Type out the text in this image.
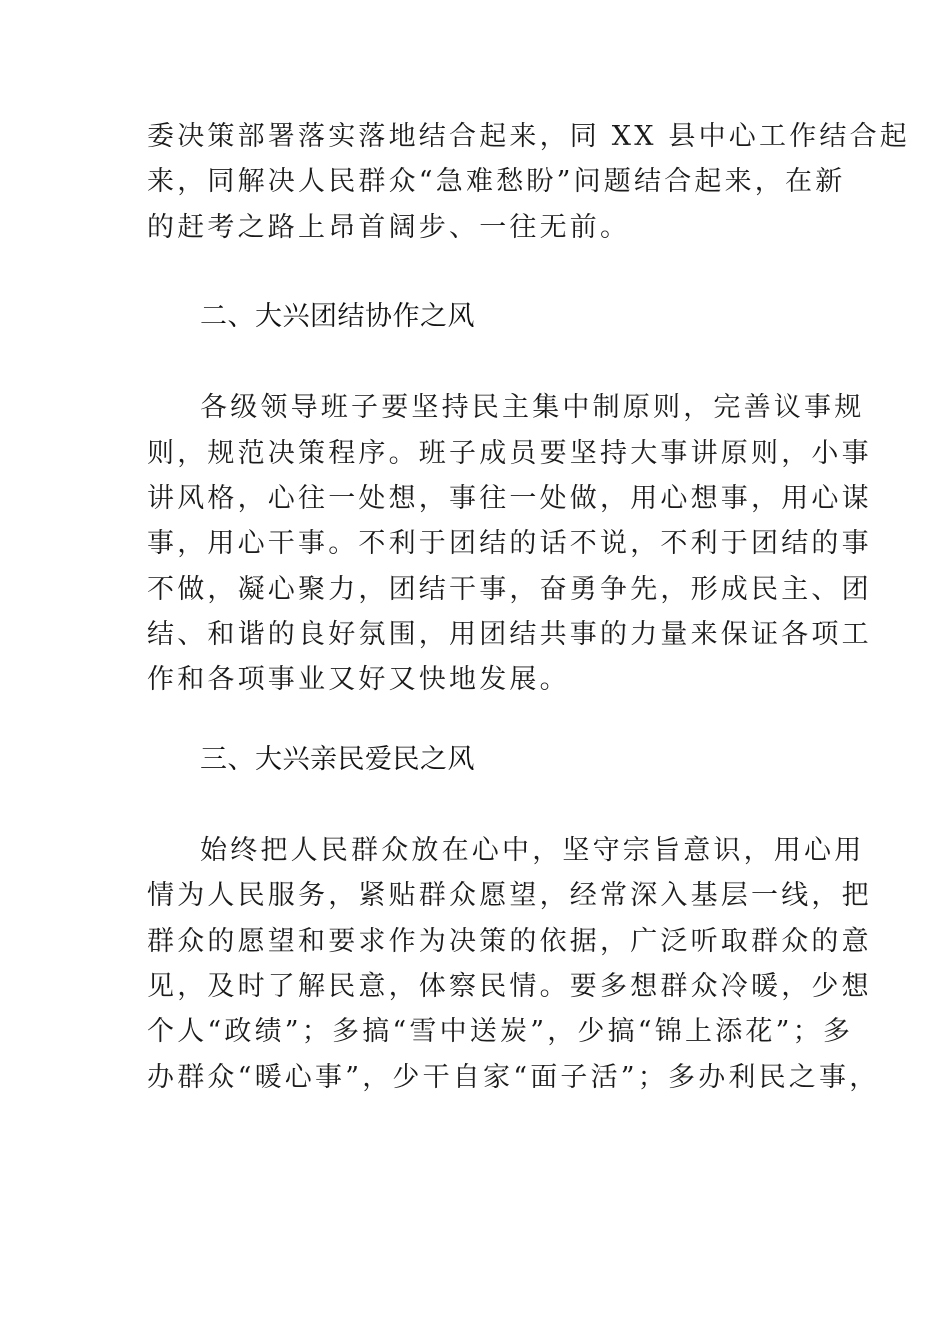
委决策部署落实落地结合起来，同 XX 县中心工作结合起
来，同解决人民群众“急难愁盼”问题结合起来，在新
的赶考之路上昂首阔步、一往无前。
二、大兴团结协作之风
各级领导班子要坚持民主集中制原则，完善议事规
则，规范决策程序。班子成员要坚持大事讲原则，小事
讲风格，心往一处想，事往一处做，用心想事，用心谋
事，用心干事。不利于团结的话不说，不利于团结的事
不做，凝心聚力，团结干事，奋勇争先，形成民主、团
结、和谐的良好氛围，用团结共事的力量来保证各项工
作和各项事业又好又快地发展。
三、大兴亲民爱民之风
始终把人民群众放在心中，坚守宗旨意识，用心用
情为人民服务，紧贴群众愿望，经常深入基层一线，把
群众的愿望和要求作为决策的依据，广泛听取群众的意
见，及时了解民意，体察民情。要多想群众冷暖，少想
个人“政绩”；多搞“雪中送炭”，少搞“锦上添花”；多
办群众“暖心事”，少干自家“面子活”；多办利民之事，
